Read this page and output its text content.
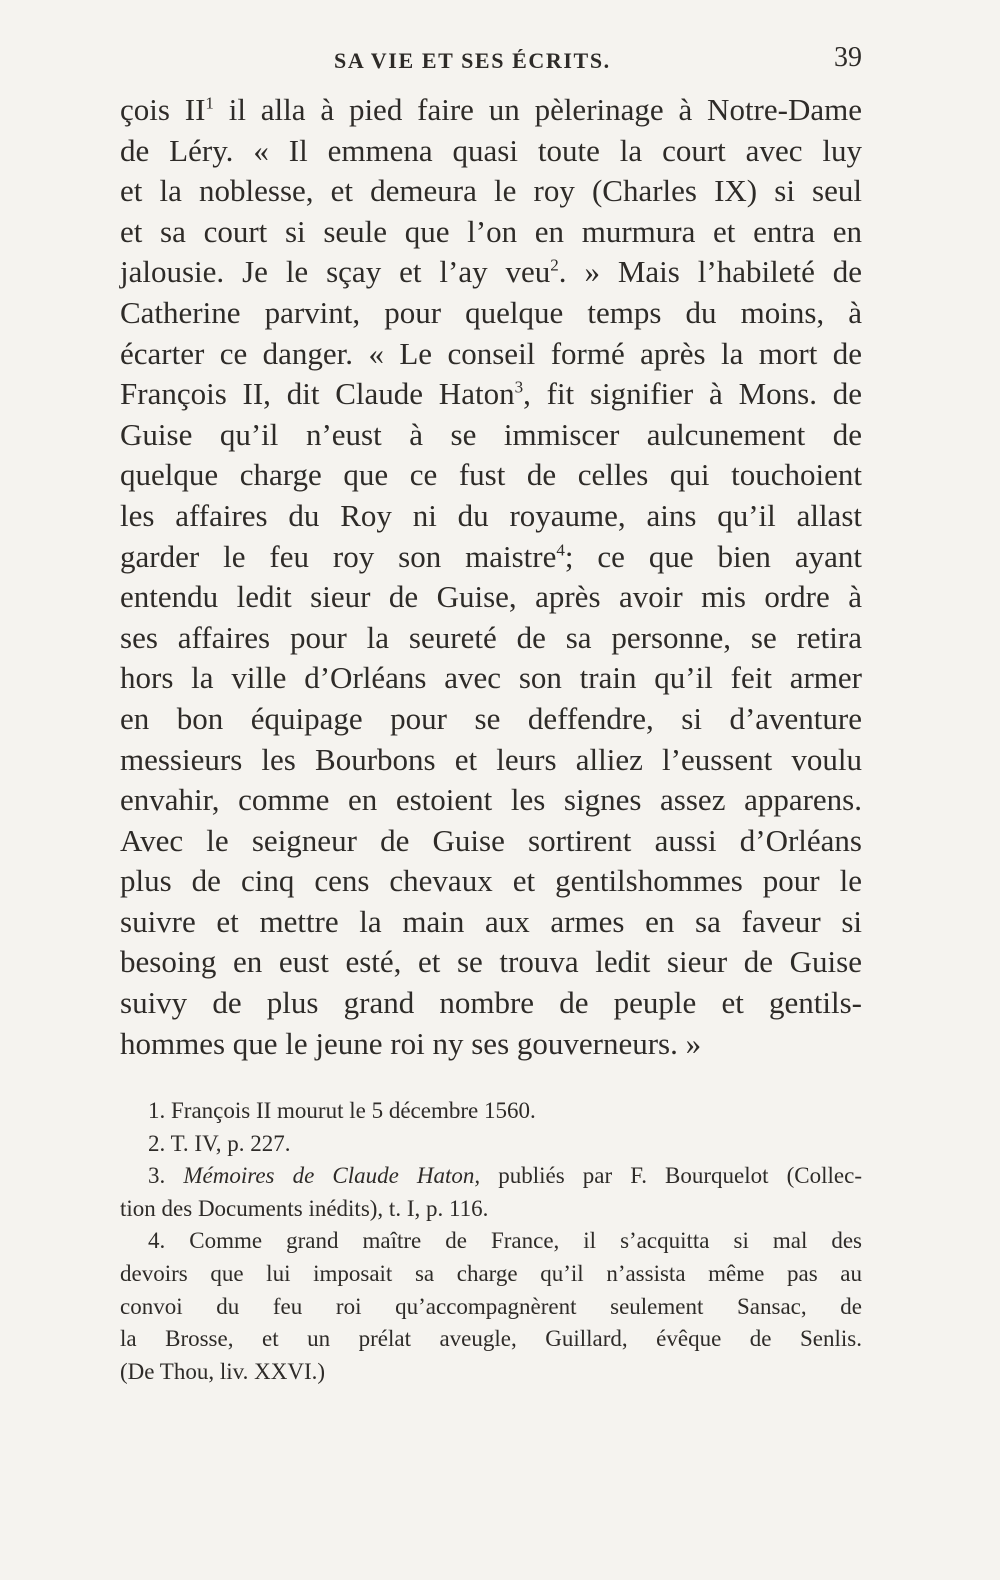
SA VIE ET SES ÉCRITS.	39
çois $II^1$ il alla à pied faire un pèlerinage à Notre-Dame
de Léry. « Il emmena quasi toute la court avec luy
et la noblesse, et demeura le roy (Charles IX) si seul
et sa court si seule que l’on en murmura et entra en
jalousie. Je le sçay et l’ay veu$^2$. » Mais l’habileté de
Catherine parvint, pour quelque temps du moins, à
écarter ce danger. « Le conseil formé après la mort de
François II, dit Claude Haton$^3$, fit signifier à Mons. de
Guise qu’il n’eust à se immiscer aulcunement de
quelque charge que ce fust de celles qui touchoient
les affaires du Roy ni du royaume, ains qu’il allast
garder le feu roy son maistre$^4$; ce que bien ayant
entendu ledit sieur de Guise, après avoir mis ordre à
ses affaires pour la seureté de sa personne, se retira
hors la ville d’Orléans avec son train qu’il feit armer
en bon équipage pour se deffendre, si d’aventure
messieurs les Bourbons et leurs alliez l’eussent voulu
envahir, comme en estoient les signes assez apparens.
Avec le seigneur de Guise sortirent aussi d’Orléans
plus de cinq cens chevaux et gentilshommes pour le
suivre et mettre la main aux armes en sa faveur si
besoing en eust esté, et se trouva ledit sieur de Guise
suivy de plus grand nombre de peuple et gentils-
hommes que le jeune roi ny ses gouverneurs. »
1. François II mourut le 5 décembre 1560.
2. T. IV, p. 227.
3. Mémoires de Claude Haton, publiés par F. Bourquelot (Collec-
tion des Documents inédits), t. I, p. 116.
4. Comme grand maître de France, il s’acquitta si mal des
devoirs que lui imposait sa charge qu’il n’assista même pas au
convoi du feu roi qu’accompagnèrent seulement Sansac, de
la Brosse, et un prélat aveugle, Guillard, évêque de Senlis.
(De Thou, liv. XXVI.)
